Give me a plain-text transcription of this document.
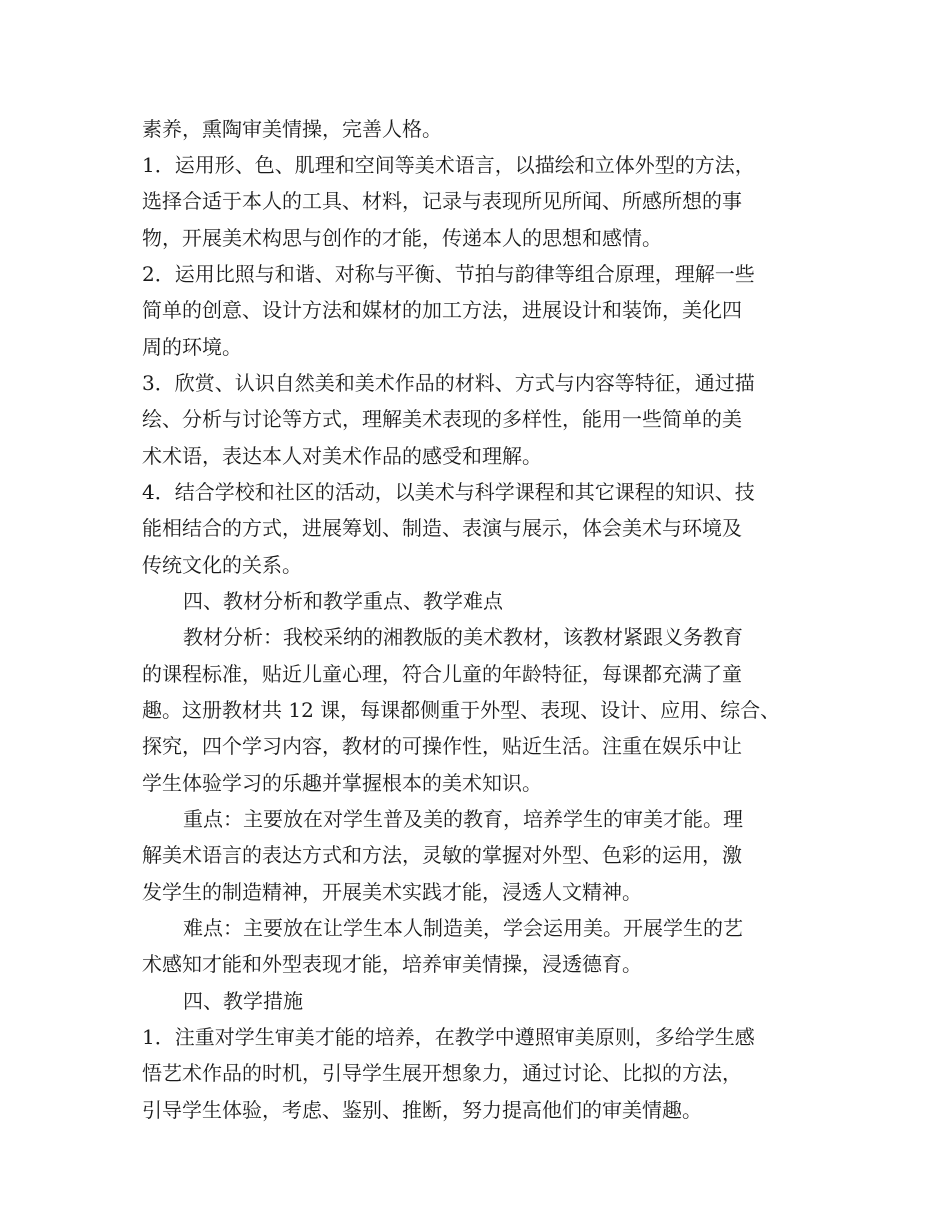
素养，熏陶审美情操，完善人格。
1．运用形、色、肌理和空间等美术语言，以描绘和立体外型的方法，
选择合适于本人的工具、材料，记录与表现所见所闻、所感所想的事
物，开展美术构思与创作的才能，传递本人的思想和感情。
2．运用比照与和谐、对称与平衡、节拍与韵律等组合原理，理解一些
简单的创意、设计方法和媒材的加工方法，进展设计和装饰，美化四
周的环境。
3．欣赏、认识自然美和美术作品的材料、方式与内容等特征，通过描
绘、分析与讨论等方式，理解美术表现的多样性，能用一些简单的美
术术语，表达本人对美术作品的感受和理解。
4．结合学校和社区的活动，以美术与科学课程和其它课程的知识、技
能相结合的方式，进展筹划、制造、表演与展示，体会美术与环境及
传统文化的关系。
四、教材分析和教学重点、教学难点
教材分析：我校采纳的湘教版的美术教材，该教材紧跟义务教育
的课程标准，贴近儿童心理，符合儿童的年龄特征，每课都充满了童
趣。这册教材共 12 课，每课都侧重于外型、表现、设计、应用、综合、
探究，四个学习内容，教材的可操作性，贴近生活。注重在娱乐中让
学生体验学习的乐趣并掌握根本的美术知识。
重点：主要放在对学生普及美的教育，培养学生的审美才能。理
解美术语言的表达方式和方法，灵敏的掌握对外型、色彩的运用，激
发学生的制造精神，开展美术实践才能，浸透人文精神。
难点：主要放在让学生本人制造美，学会运用美。开展学生的艺
术感知才能和外型表现才能，培养审美情操，浸透德育。
四、教学措施
1．注重对学生审美才能的培养，在教学中遵照审美原则，多给学生感
悟艺术作品的时机，引导学生展开想象力，通过讨论、比拟的方法，
引导学生体验，考虑、鉴别、推断，努力提高他们的审美情趣。
